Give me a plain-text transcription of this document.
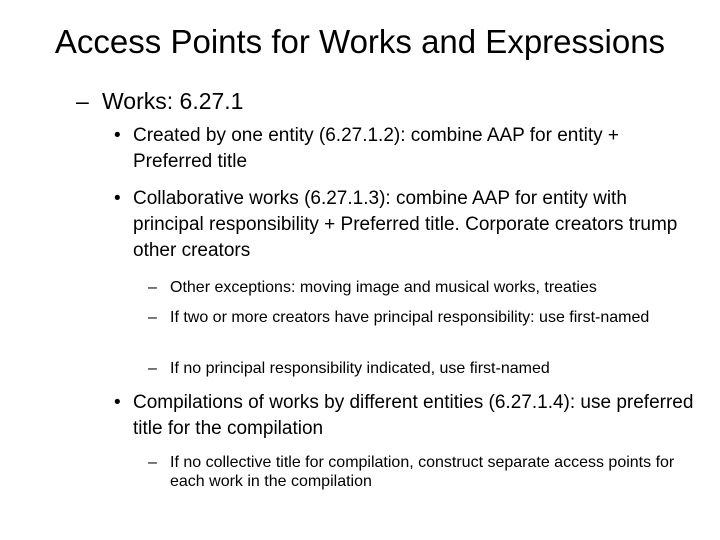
Access Points for Works and Expressions
– Works: 6.27.1
• Created by one entity (6.27.1.2): combine AAP for entity + Preferred title
• Collaborative works (6.27.1.3): combine AAP for entity with principal responsibility + Preferred title. Corporate creators trump other creators
– Other exceptions: moving image and musical works, treaties
– If two or more creators have principal responsibility: use first-named
– If no principal responsibility indicated, use first-named
• Compilations of works by different entities (6.27.1.4): use preferred title for the compilation
– If no collective title for compilation, construct separate access points for each work in the compilation
